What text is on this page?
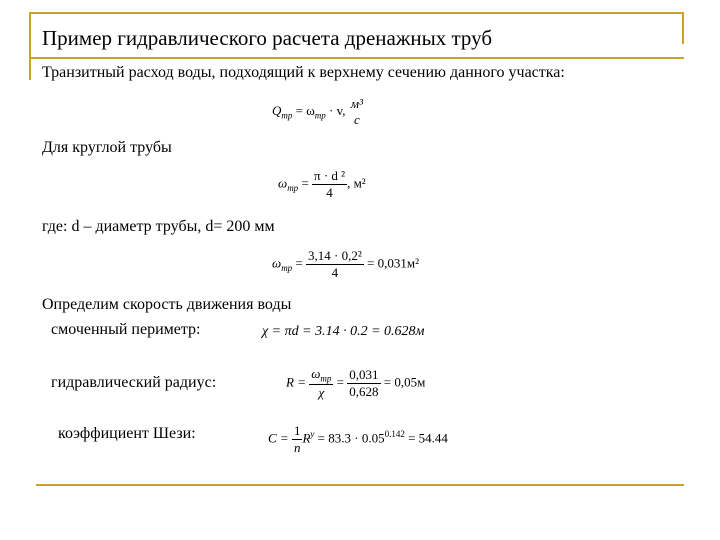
Пример гидравлического расчета дренажных труб
Транзитный расход воды, подходящий к верхнему сечению данного участка:
$Q_{тр} = \omega_{тр} \cdot v$, м³
c
Для круглой трубы
$\omega_{тр} = \frac{\text{π · d ²}}{4}$ , м²
где: d – диаметр трубы, d= 200 мм
$\omega_{тр} = \frac{\text{3,14 · 0,2²}}{4} = 0,031м^2$
Определим скорость движения воды
смоченный периметр:	χ = πd = 3.14 · 0.2 = 0.628м
гидравлический радиус:	$R = \frac{\omega_{тр}}{\chi} = \frac{0,031}{0,628} = 0,05м$
коэффициент Шези:	$C = \frac{1}{n} R^y = 83.3 \cdot 0.05^{0.142} = 54.44$
